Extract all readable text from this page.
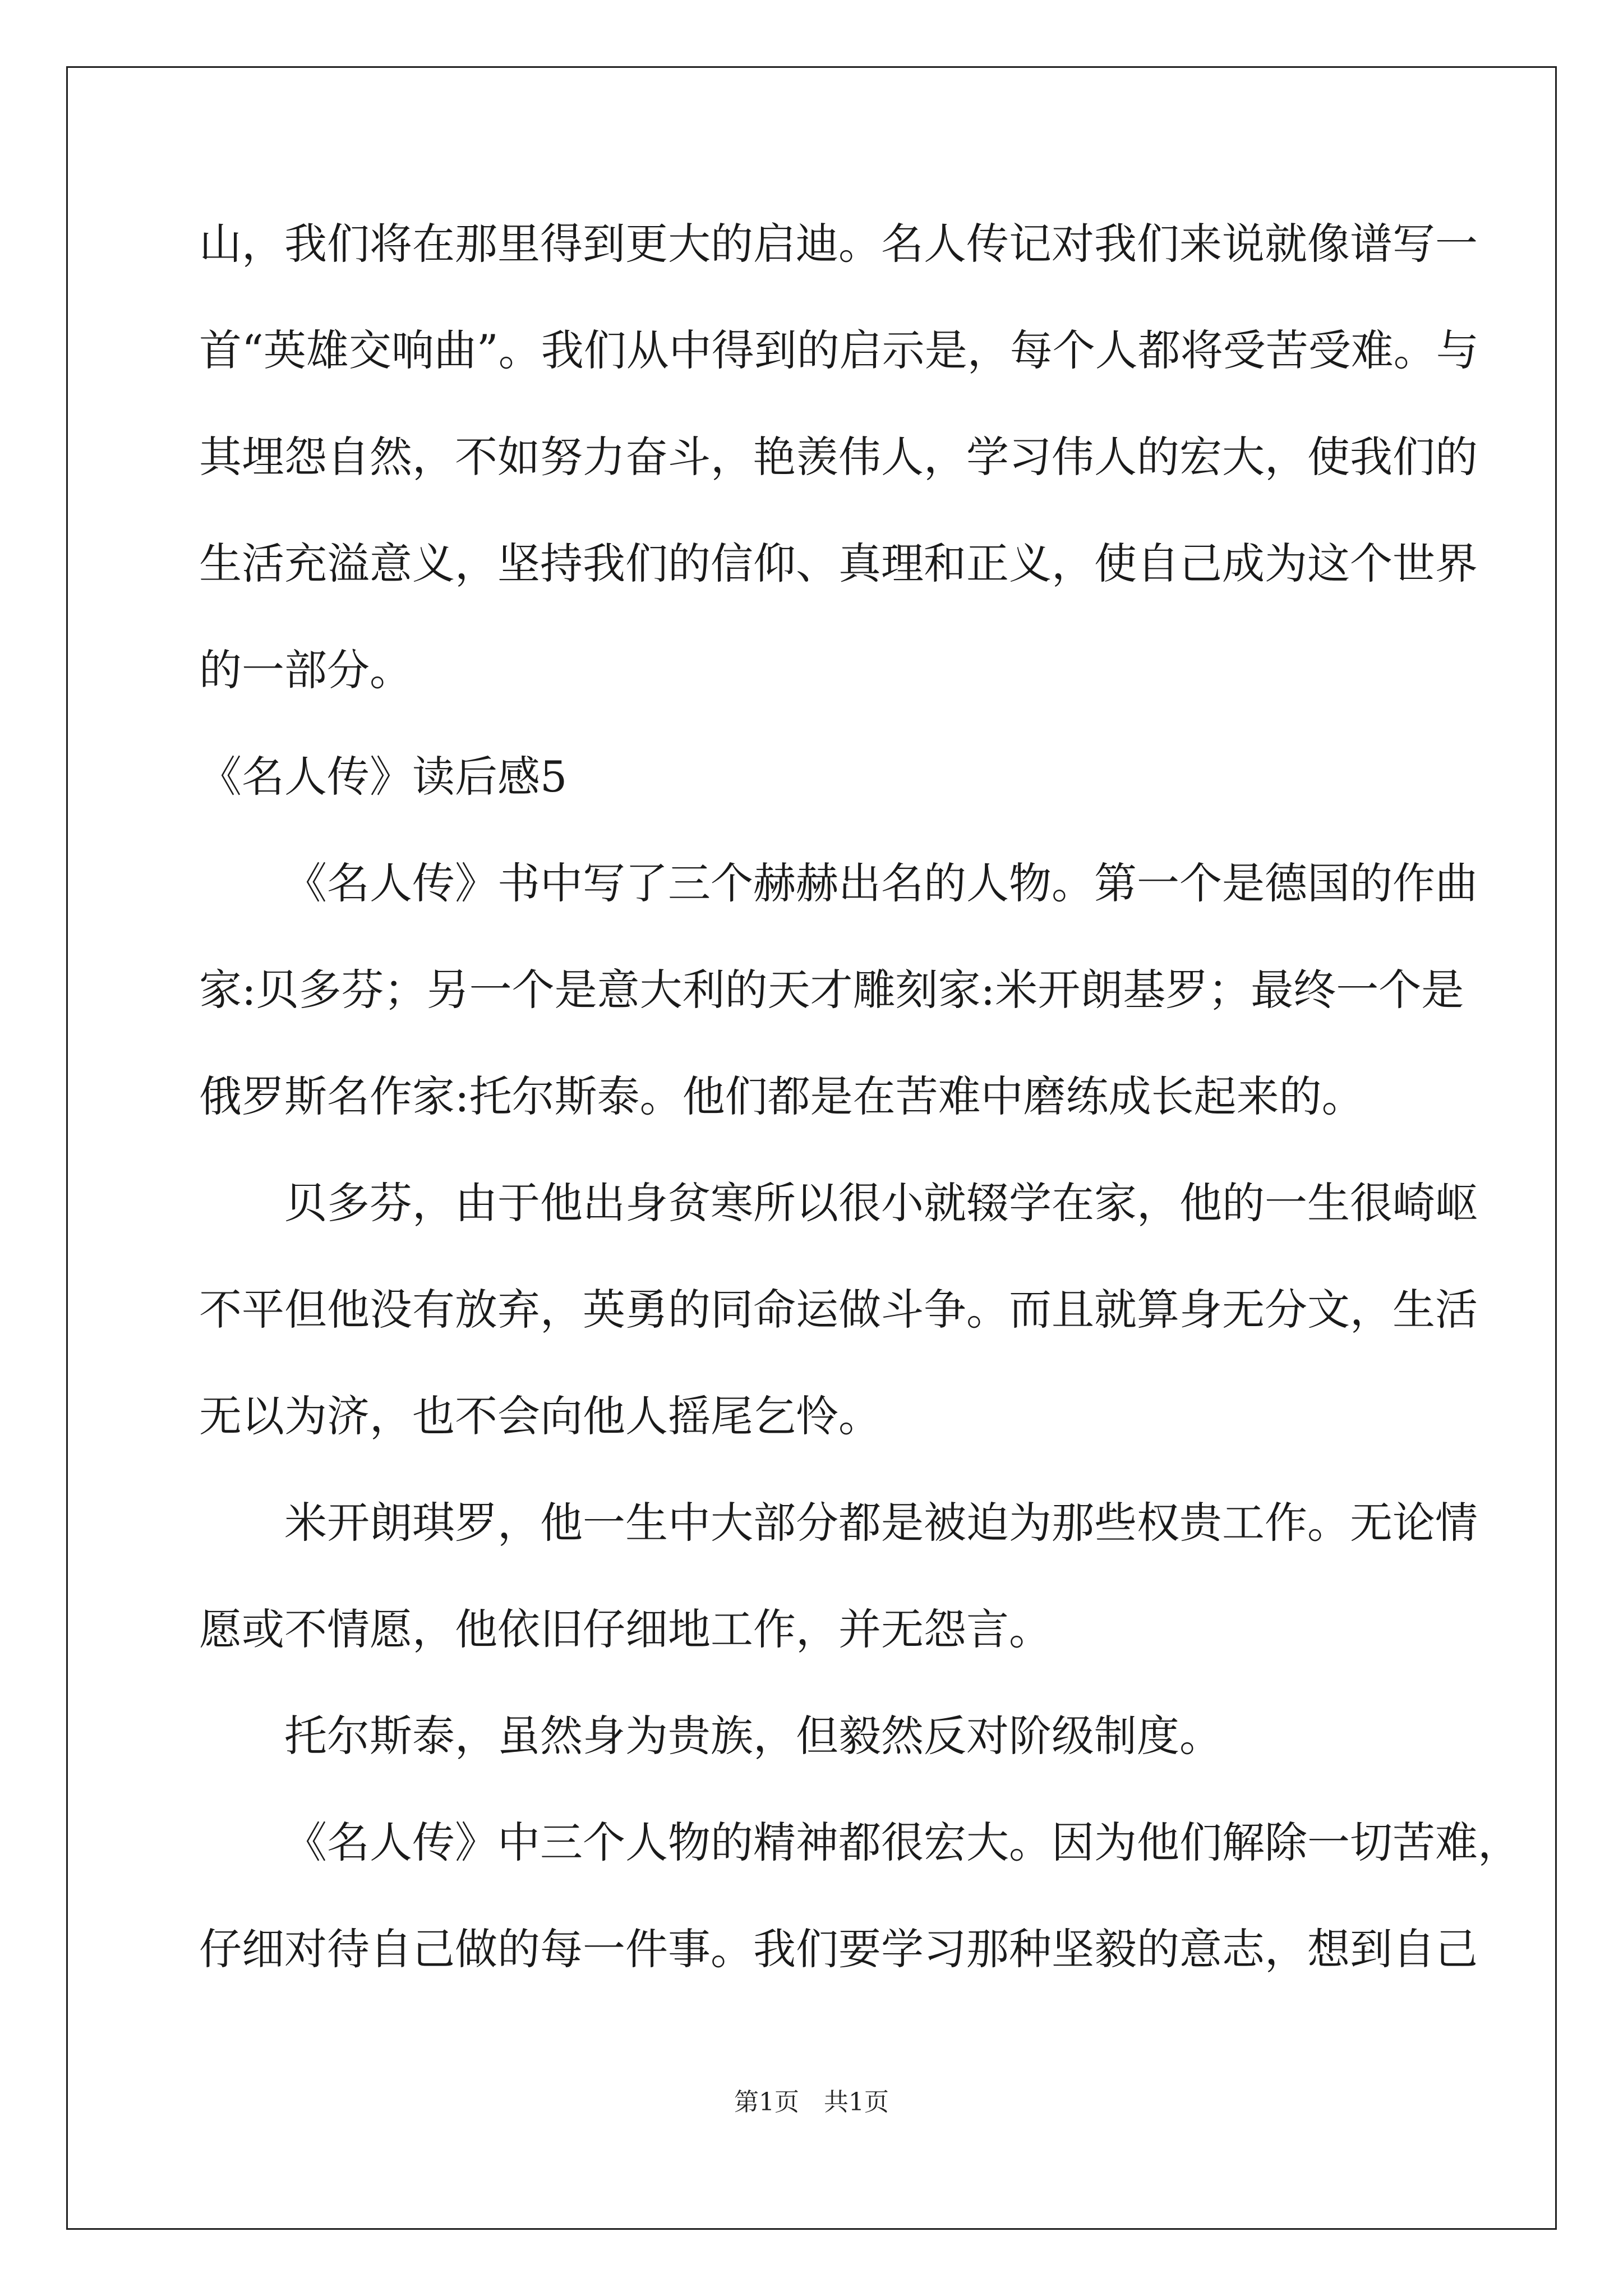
山，我们将在那里得到更大的启迪。名人传记对我们来说就像谱写一
首“英雄交响曲”。我们从中得到的启示是，每个人都将受苦受难。与
其埋怨自然，不如努力奋斗，艳羡伟人，学习伟人的宏大，使我们的
生活充溢意义，坚持我们的信仰、真理和正义，使自己成为这个世界
的一部分。
《名人传》读后感5
《名人传》书中写了三个赫赫出名的人物。第一个是德国的作曲
家:贝多芬；另一个是意大利的天才雕刻家:米开朗基罗；最终一个是
俄罗斯名作家:托尔斯泰。他们都是在苦难中磨练成长起来的。
贝多芬，由于他出身贫寒所以很小就辍学在家，他的一生很崎岖
不平但他没有放弃，英勇的同命运做斗争。而且就算身无分文，生活
无以为济，也不会向他人摇尾乞怜。
米开朗琪罗，他一生中大部分都是被迫为那些权贵工作。无论情
愿或不情愿，他依旧仔细地工作，并无怨言。
托尔斯泰，虽然身为贵族，但毅然反对阶级制度。
《名人传》中三个人物的精神都很宏大。因为他们解除一切苦难，
仔细对待自己做的每一件事。我们要学习那种坚毅的意志，想到自己
第1页　共1页
